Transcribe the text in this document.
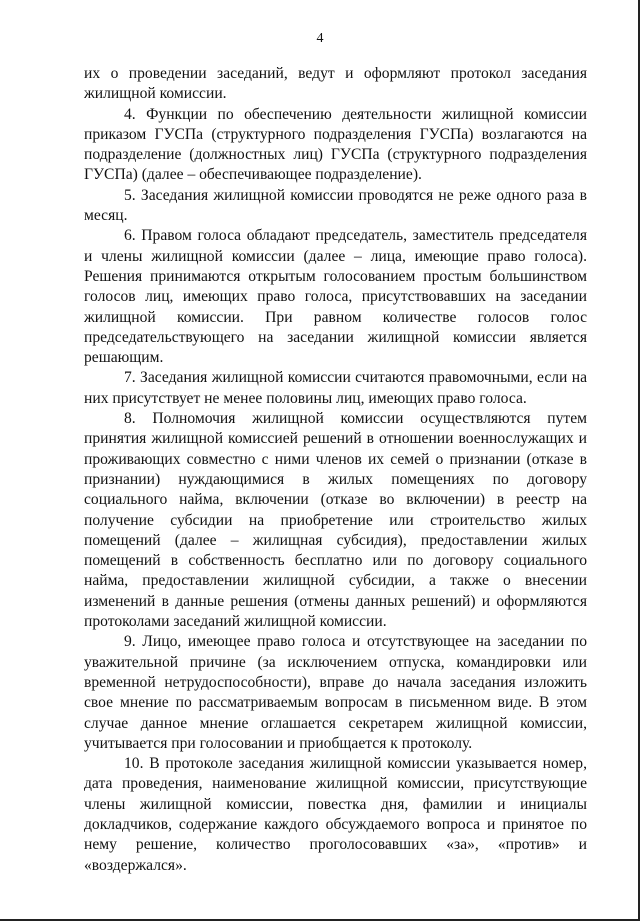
4

их о проведении заседаний, ведут и оформляют протокол заседания жилищной комиссии.

4. Функции по обеспечению деятельности жилищной комиссии приказом ГУСПа (структурного подразделения ГУСПа) возлагаются на подразделение (должностных лиц) ГУСПа (структурного подразделения ГУСПа) (далее – обеспечивающее подразделение).

5. Заседания жилищной комиссии проводятся не реже одного раза в месяц.

6. Правом голоса обладают председатель, заместитель председателя и члены жилищной комиссии (далее – лица, имеющие право голоса). Решения принимаются открытым голосованием простым большинством голосов лиц, имеющих право голоса, присутствовавших на заседании жилищной комиссии. При равном количестве голосов голос председательствующего на заседании жилищной комиссии является решающим.

7. Заседания жилищной комиссии считаются правомочными, если на них присутствует не менее половины лиц, имеющих право голоса.

8. Полномочия жилищной комиссии осуществляются путем принятия жилищной комиссией решений в отношении военнослужащих и проживающих совместно с ними членов их семей о признании (отказе в признании) нуждающимися в жилых помещениях по договору социального найма, включении (отказе во включении) в реестр на получение субсидии на приобретение или строительство жилых помещений (далее – жилищная субсидия), предоставлении жилых помещений в собственность бесплатно или по договору социального найма, предоставлении жилищной субсидии, а также о внесении изменений в данные решения (отмены данных решений) и оформляются протоколами заседаний жилищной комиссии.

9. Лицо, имеющее право голоса и отсутствующее на заседании по уважительной причине (за исключением отпуска, командировки или временной нетрудоспособности), вправе до начала заседания изложить свое мнение по рассматриваемым вопросам в письменном виде. В этом случае данное мнение оглашается секретарем жилищной комиссии, учитывается при голосовании и приобщается к протоколу.

10. В протоколе заседания жилищной комиссии указывается номер, дата проведения, наименование жилищной комиссии, присутствующие члены жилищной комиссии, повестка дня, фамилии и инициалы докладчиков, содержание каждого обсуждаемого вопроса и принятое по нему решение, количество проголосовавших «за», «против» и «воздержался».
